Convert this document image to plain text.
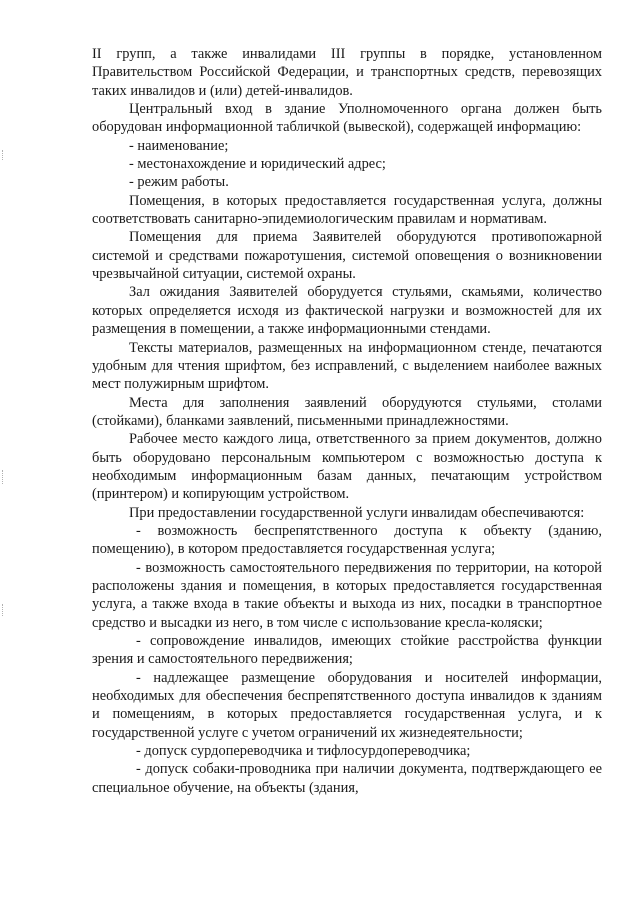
II групп, а также инвалидами III группы в порядке, установленном Правительством Российской Федерации, и транспортных средств, перевозящих таких инвалидов и (или) детей-инвалидов.

Центральный вход в здание Уполномоченного органа должен быть оборудован информационной табличкой (вывеской), содержащей информацию:

- наименование;

- местонахождение и юридический адрес;

- режим работы.

Помещения, в которых предоставляется государственная услуга, должны соответствовать санитарно-эпидемиологическим правилам и нормативам.

Помещения для приема Заявителей оборудуются противопожарной системой и средствами пожаротушения, системой оповещения о возникновении чрезвычайной ситуации, системой охраны.

Зал ожидания Заявителей оборудуется стульями, скамьями, количество которых определяется исходя из фактической нагрузки и возможностей для их размещения в помещении, а также информационными стендами.

Тексты материалов, размещенных на информационном стенде, печатаются удобным для чтения шрифтом, без исправлений, с выделением наиболее важных мест полужирным шрифтом.

Места для заполнения заявлений оборудуются стульями, столами (стойками), бланками заявлений, письменными принадлежностями.

Рабочее место каждого лица, ответственного за прием документов, должно быть оборудовано персональным компьютером с возможностью доступа к необходимым информационным базам данных, печатающим устройством (принтером) и копирующим устройством.

При предоставлении государственной услуги инвалидам обеспечиваются:

- возможность беспрепятственного доступа к объекту (зданию, помещению), в котором предоставляется государственная услуга;

- возможность самостоятельного передвижения по территории, на которой расположены здания и помещения, в которых предоставляется государственная услуга, а также входа в такие объекты и выхода из них, посадки в транспортное средство и высадки из него, в том числе с использование кресла-коляски;

- сопровождение инвалидов, имеющих стойкие расстройства функции зрения и самостоятельного передвижения;

- надлежащее размещение оборудования и носителей информации, необходимых для обеспечения беспрепятственного доступа инвалидов к зданиям и помещениям, в которых предоставляется государственная услуга, и к государственной услуге с учетом ограничений их жизнедеятельности;

- допуск сурдопереводчика и тифлосурдопереводчика;

- допуск собаки-проводника при наличии документа, подтверждающего ее специальное обучение, на объекты (здания,
